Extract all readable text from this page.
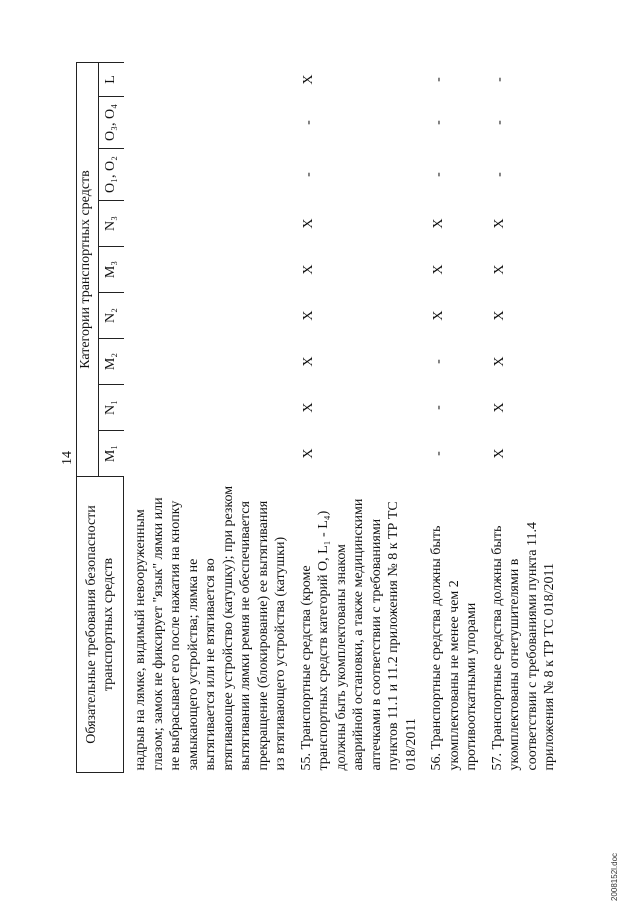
14
Обязательные требования безопасности транспортных средств	Категории транспортных средств								
	M₁	N₁	M₂	N₂	M₃	N₃	O₁, O₂	O₃, O₄	L
надрыв на лямке, видимый невооруженным глазом; замок не фиксирует "язык" лямки или не выбрасывает его после нажатия на кнопку замыкающего устройства; лямка не вытягивается или не втягивается во втягивающее устройство (катушку); при резком вытягивании лямки ремня не обеспечивается прекращение (блокирование) ее вытягивания из втягивающего устройства (катушки)									
55. Транспортные средства (кроме транспортных средств категорий O, L₁ - L₄) должны быть укомплектованы знаком аварийной остановки, а также медицинскими аптечками в соответствии с требованиями пунктов 11.1 и 11.2 приложения № 8 к ТР ТС 018/2011	X	X	X	X	X	X	-	-	X
56. Транспортные средства должны быть укомплектованы не менее чем 2 противооткатными упорами	-	-	-	X	X	X	-	-	-
57. Транспортные средства должны быть укомплектованы огнетушителями в соответствии с требованиями пункта 11.4 приложения № 8 к ТР ТС 018/2011	X	X	X	X	X	X	-	-	-
2008152l.doc
